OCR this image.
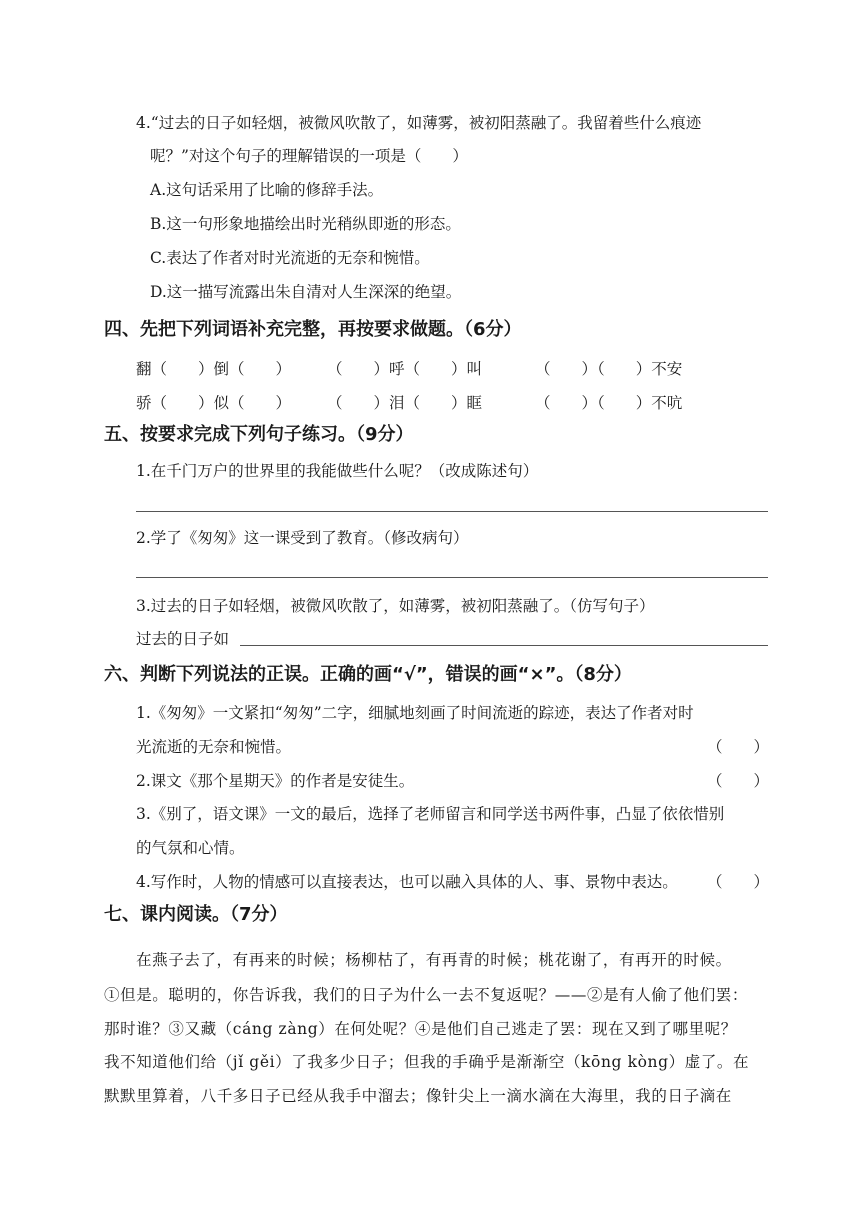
4.“过去的日子如轻烟，被微风吹散了，如薄雾，被初阳蒸融了。我留着些什么痕迹
呢？”对这个句子的理解错误的一项是（　　）
A.这句话采用了比喻的修辞手法。
B.这一句形象地描绘出时光稍纵即逝的形态。
C.表达了作者对时光流逝的无奈和惋惜。
D.这一描写流露出朱自清对人生深深的绝望。
四、先把下列词语补充完整，再按要求做题。（6分）
翻（　　）倒（　　） （　　）呼（　　）叫	（　　）（　　）不安
骄（　　）似（　　） （　　）泪（　　）眶	（　　）（　　）不吭
五、按要求完成下列句子练习。（9分）
1.在千门万户的世界里的我能做些什么呢？（改成陈述句）
2.学了《匆匆》这一课受到了教育。（修改病句）
3.过去的日子如轻烟，被微风吹散了，如薄雾，被初阳蒸融了。（仿写句子）
过去的日子如
六、判断下列说法的正误。正确的画“√”，错误的画“×”。（8分）
1.《匆匆》一文紧扣“匆匆”二字，细腻地刻画了时间流逝的踪迹，表达了作者对时
光流逝的无奈和惋惜。	（　　）
2.课文《那个星期天》的作者是安徒生。	（　　）
3.《别了，语文课》一文的最后，选择了老师留言和同学送书两件事，凸显了依依惜别
的气氛和心情。
4.写作时，人物的情感可以直接表达，也可以融入具体的人、事、景物中表达。 （　　）
七、课内阅读。（7分）
在燕子去了，有再来的时候；杨柳枯了，有再青的时候；桃花谢了，有再开的时候。
①但是。聪明的，你告诉我，我们的日子为什么一去不复返呢？——②是有人偷了他们罢：
那时谁？③又藏（cáng zàng）在何处呢？④是他们自己逃走了罢：现在又到了哪里呢？
我不知道他们给（jǐ gěi）了我多少日子；但我的手确乎是渐渐空（kōng kòng）虚了。在
默默里算着，八千多日子已经从我手中溜去；像针尖上一滴水滴在大海里，我的日子滴在
